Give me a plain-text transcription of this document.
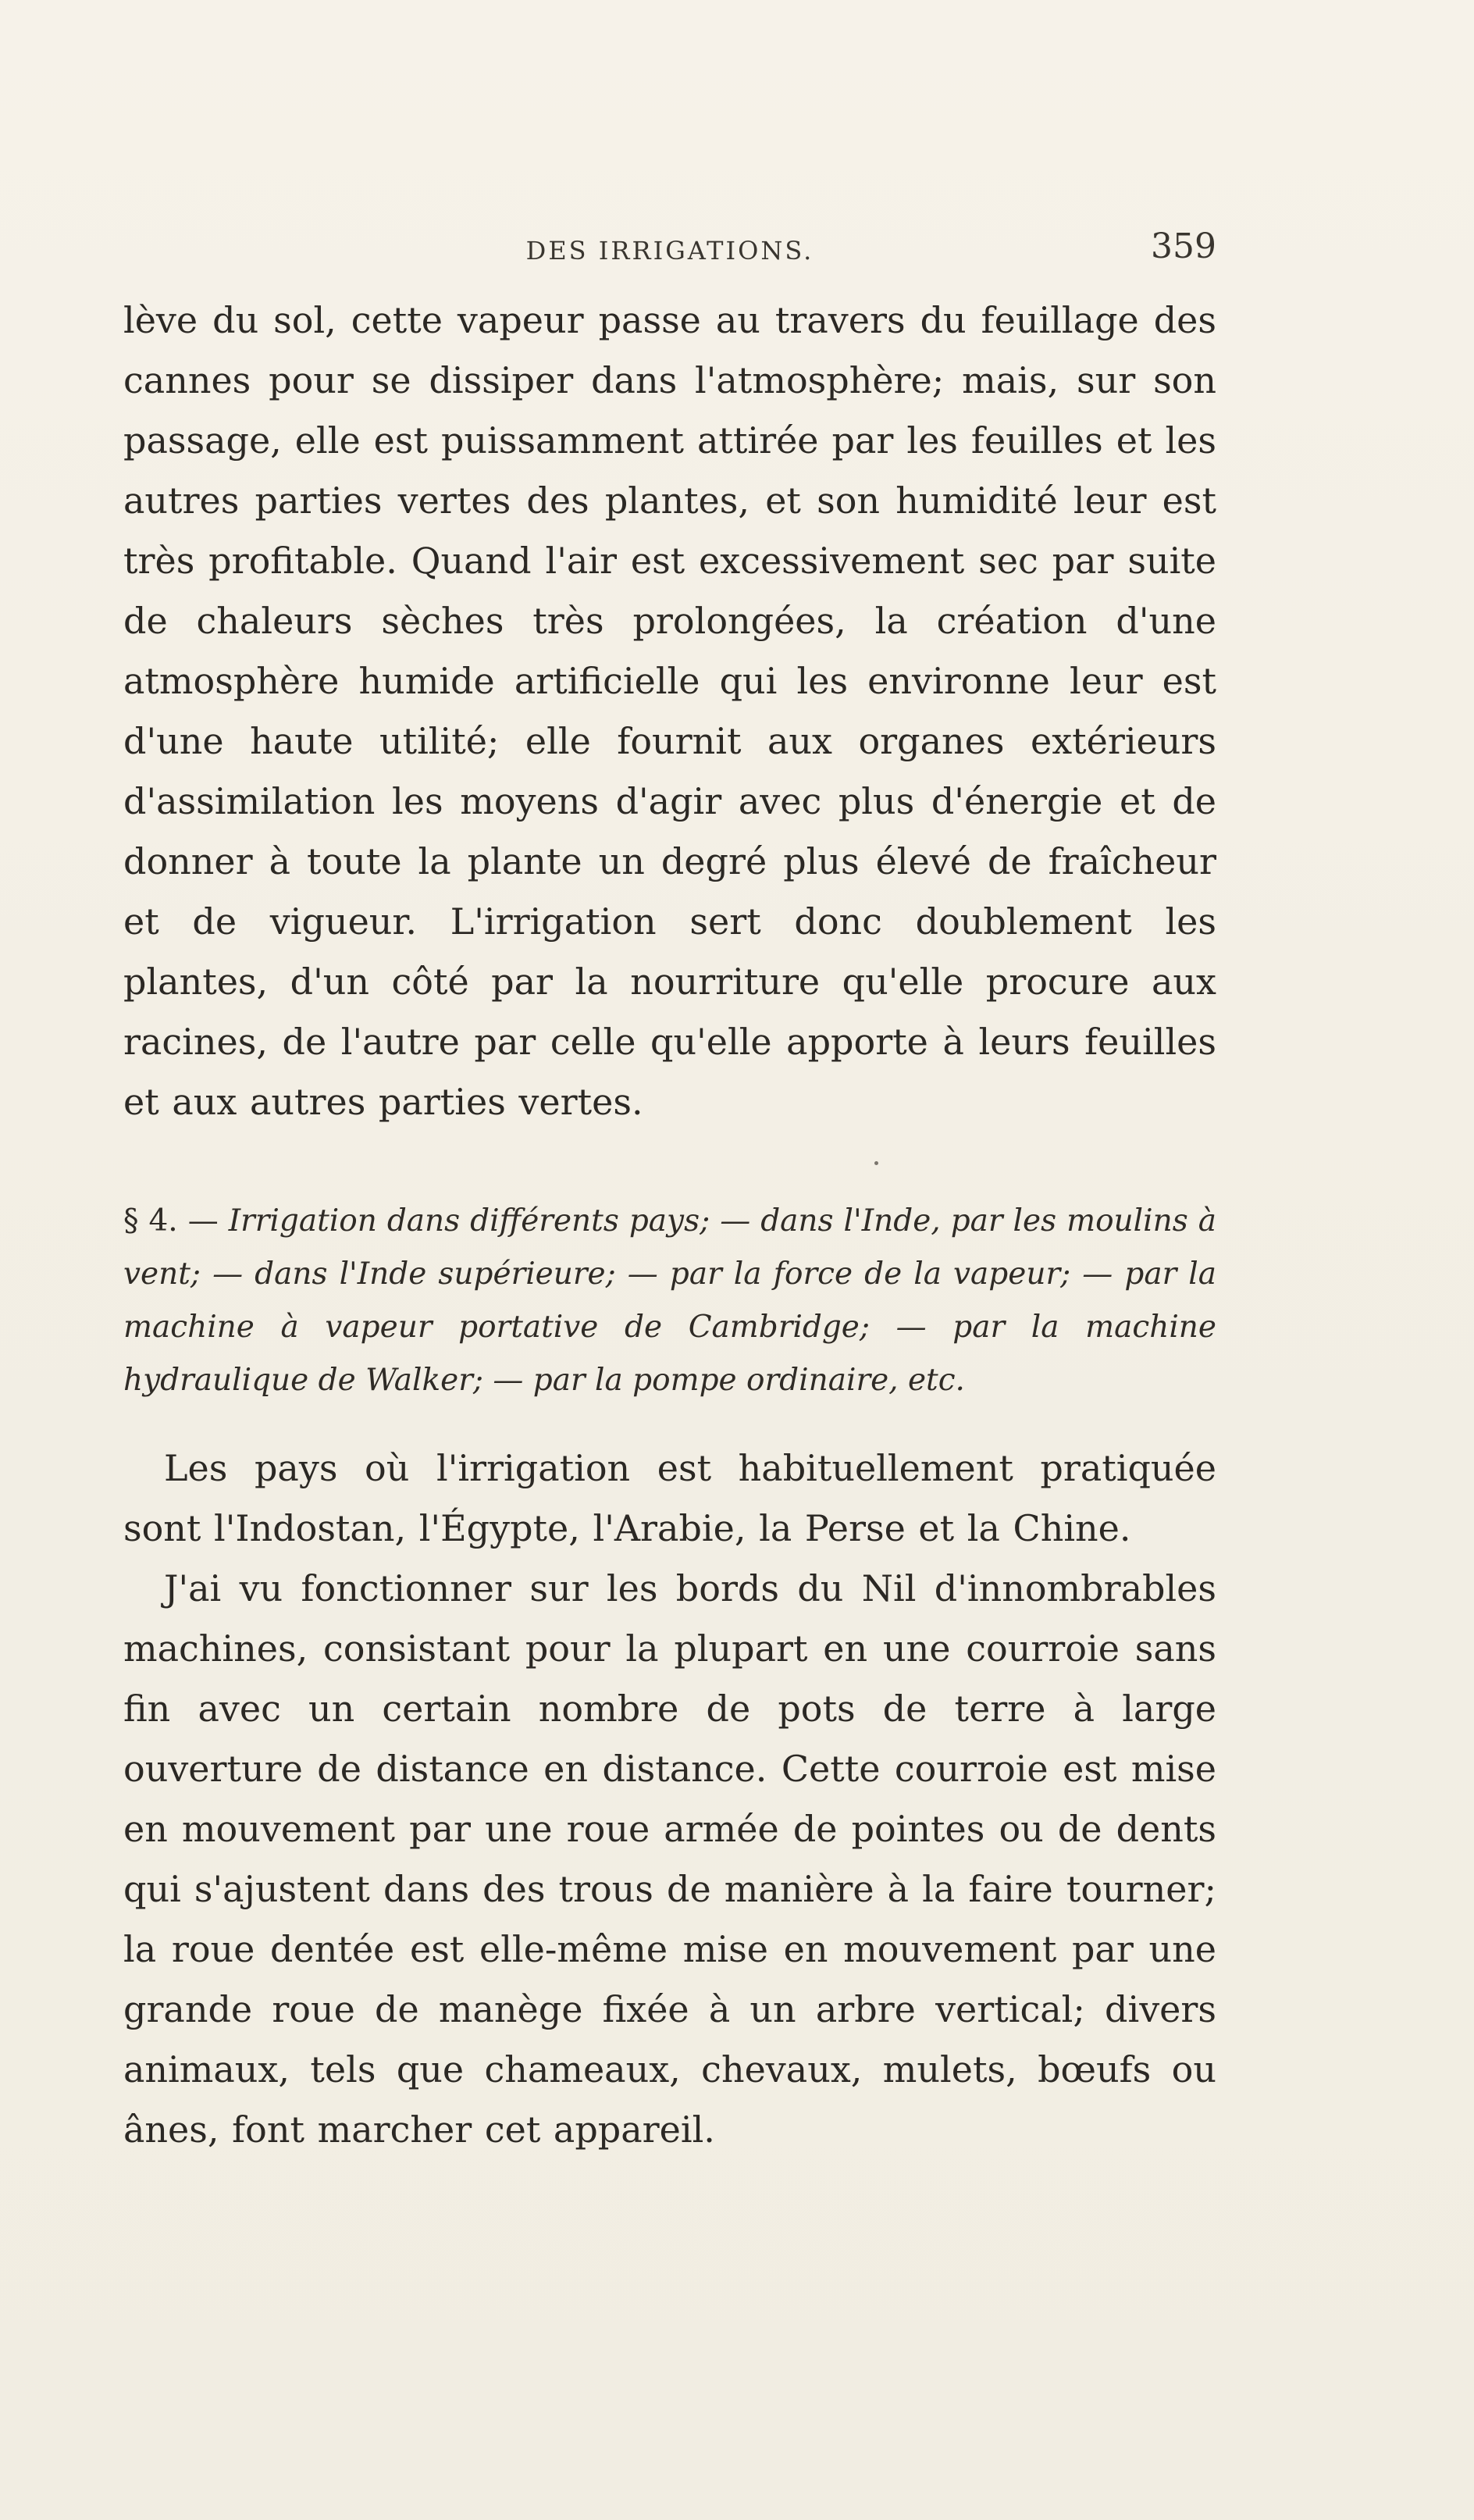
DES IRRIGATIONS.	359

lève du sol, cette vapeur passe au travers du feuillage des cannes pour se dissiper dans l'atmosphère; mais, sur son passage, elle est puissamment attirée par les feuilles et les autres parties vertes des plantes, et son humidité leur est très profitable. Quand l'air est excessivement sec par suite de chaleurs sèches très prolongées, la création d'une atmosphère humide artificielle qui les environne leur est d'une haute utilité; elle fournit aux organes extérieurs d'assimilation les moyens d'agir avec plus d'énergie et de donner à toute la plante un degré plus élevé de fraîcheur et de vigueur. L'irrigation sert donc doublement les plantes, d'un côté par la nourriture qu'elle procure aux racines, de l'autre par celle qu'elle apporte à leurs feuilles et aux autres parties vertes.

§ 4. — Irrigation dans différents pays; — dans l'Inde, par les moulins à vent; — dans l'Inde supérieure; — par la force de la vapeur; — par la machine à vapeur portative de Cambridge; — par la machine hydraulique de Walker; — par la pompe ordinaire, etc.

Les pays où l'irrigation est habituellement pratiquée sont l'Indostan, l'Égypte, l'Arabie, la Perse et la Chine.

J'ai vu fonctionner sur les bords du Nil d'innombrables machines, consistant pour la plupart en une courroie sans fin avec un certain nombre de pots de terre à large ouverture de distance en distance. Cette courroie est mise en mouvement par une roue armée de pointes ou de dents qui s'ajustent dans des trous de manière à la faire tourner; la roue dentée est elle-même mise en mouvement par une grande roue de manège fixée à un arbre vertical; divers animaux, tels que chameaux, chevaux, mulets, bœufs ou ânes, font marcher cet appareil.
